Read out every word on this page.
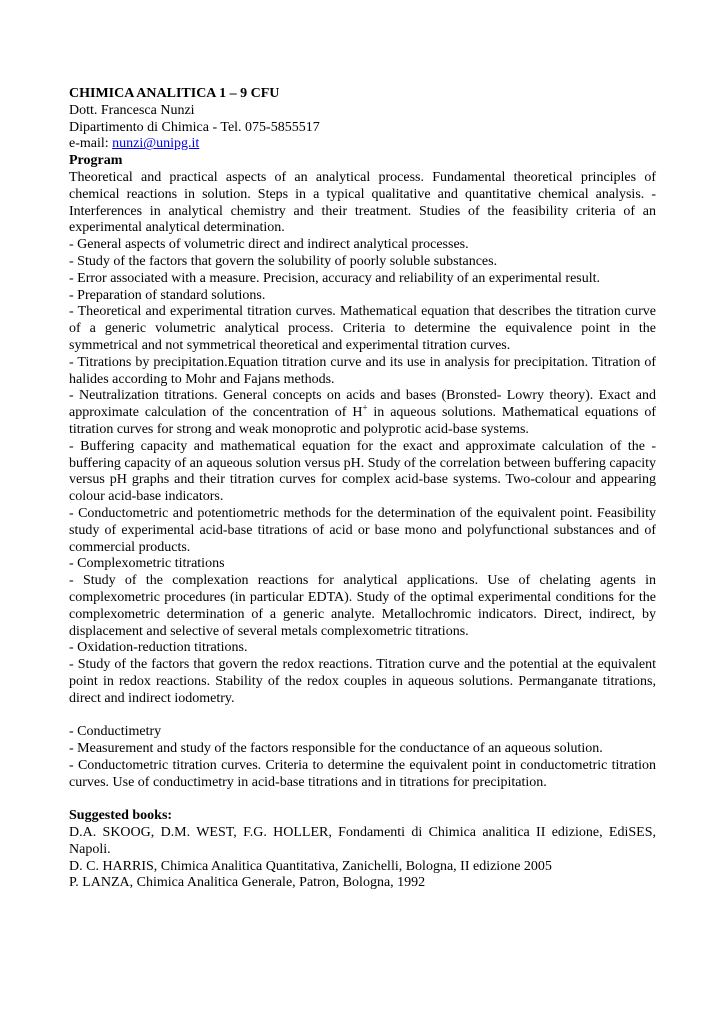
CHIMICA ANALITICA 1 – 9 CFU
Dott. Francesca Nunzi
Dipartimento di Chimica - Tel. 075-5855517
e-mail: nunzi@unipg.it
Program
Theoretical and practical aspects of an analytical process. Fundamental theoretical principles of chemical reactions in solution. Steps in a typical qualitative and quantitative chemical analysis. - Interferences in analytical chemistry and their treatment. Studies of the feasibility criteria of an experimental analytical determination.
- General aspects of volumetric direct and indirect analytical processes.
- Study of the factors that govern the solubility of poorly soluble substances.
- Error associated with a measure. Precision, accuracy and reliability of an experimental result.
- Preparation of standard solutions.
- Theoretical and experimental titration curves. Mathematical equation that describes the titration curve of a generic volumetric analytical process. Criteria to determine the equivalence point in the symmetrical and not symmetrical theoretical and experimental titration curves.
- Titrations by precipitation.Equation titration curve and its use in analysis for precipitation. Titration of halides according to Mohr and Fajans methods.
- Neutralization titrations. General concepts on acids and bases (Bronsted- Lowry theory). Exact and approximate calculation of the concentration of H+ in aqueous solutions. Mathematical equations of titration curves for strong and weak monoprotic and polyprotic acid-base systems.
- Buffering capacity and mathematical equation for the exact and approximate calculation of the - buffering capacity of an aqueous solution versus pH. Study of the correlation between buffering capacity versus pH graphs and their titration curves for complex acid-base systems. Two-colour and appearing colour acid-base indicators.
- Conductometric and potentiometric methods for the determination of the equivalent point. Feasibility study of experimental acid-base titrations of acid or base mono and polyfunctional substances and of commercial products.
- Complexometric titrations
- Study of the complexation reactions for analytical applications. Use of chelating agents in complexometric procedures (in particular EDTA). Study of the optimal experimental conditions for the complexometric determination of a generic analyte. Metallochromic indicators. Direct, indirect, by displacement and selective of several metals complexometric titrations.
- Oxidation-reduction titrations.
- Study of the factors that govern the redox reactions. Titration curve and the potential at the equivalent point in redox reactions. Stability of the redox couples in aqueous solutions. Permanganate titrations, direct and indirect iodometry.
- Conductimetry
- Measurement and study of the factors responsible for the conductance of an aqueous solution.
- Conductometric titration curves. Criteria to determine the equivalent point in conductometric titration curves. Use of conductimetry in acid-base titrations and in titrations for precipitation.
Suggested books:
D.A. SKOOG, D.M. WEST, F.G. HOLLER, Fondamenti di Chimica analitica II edizione, EdiSES, Napoli.
D. C. HARRIS, Chimica Analitica Quantitativa, Zanichelli, Bologna, II edizione 2005
P. LANZA, Chimica Analitica Generale, Patron, Bologna, 1992
